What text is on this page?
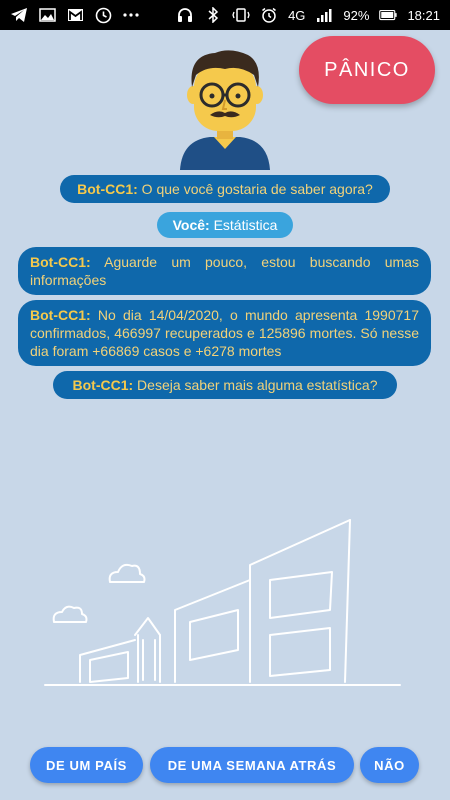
4G	92%	18:21
PÂNICO
Bot-CC1: O que você gostaria de saber agora?
Você: Estátistica
Bot-CC1: Aguarde um pouco, estou buscando umas informações
Bot-CC1: No dia 14/04/2020, o mundo apresenta 1990717 confirmados, 466997 recuperados e 125896 mortes. Só nesse dia foram +66869 casos e +6278 mortes
Bot-CC1: Deseja saber mais alguma estatística?
DE UM PAÍS	DE UMA SEMANA ATRÁS	NÃO
